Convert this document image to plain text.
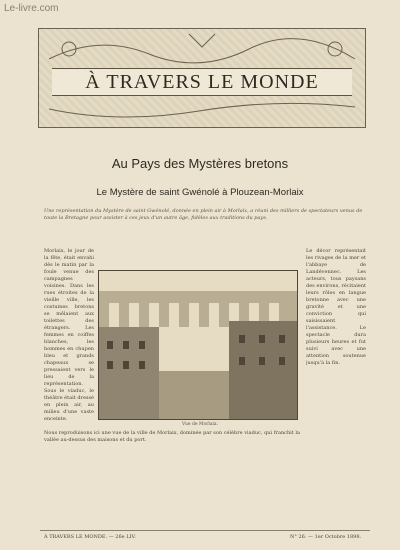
Le-livre.com
À TRAVERS LE MONDE
Au Pays des Mystères bretons
Le Mystère de saint Gwénolé à Plouzean-Morlaix
Une représentation du Mystère de saint Gwénolé, donnée en plein air à Morlaix, a réuni des milliers de spectateurs venus de toute la Bretagne pour assister à ces jeux d'un autre âge, fidèles aux traditions du pays.
Morlaix, le jour de la fête, était envahi dès le matin par la foule venue des campagnes voisines. Dans les rues étroites de la vieille ville, les costumes bretons se mêlaient aux toilettes des étrangers. Les femmes en coiffes blanches, les hommes en chupen bleu et grands chapeaux se pressaient vers le lieu de la représentation. Sous le viaduc, le théâtre était dressé en plein air, au milieu d'une vaste enceinte.
Le décor représentait les rivages de la mer et l'abbaye de Landévennec. Les acteurs, tous paysans des environs, récitaient leurs rôles en langue bretonne avec une gravité et une conviction qui saisissaient l'assistance. Le spectacle dura plusieurs heures et fut suivi avec une attention soutenue jusqu'à la fin.
Nous reproduisons ici une vue de la ville de Morlaix, dominée par son célèbre viaduc, qui franchit la vallée au-dessus des maisons et du port.
Vue de Morlaix.
À TRAVERS LE MONDE. — 26e LIV.	N° 26. — 1er Octobre 1898.
